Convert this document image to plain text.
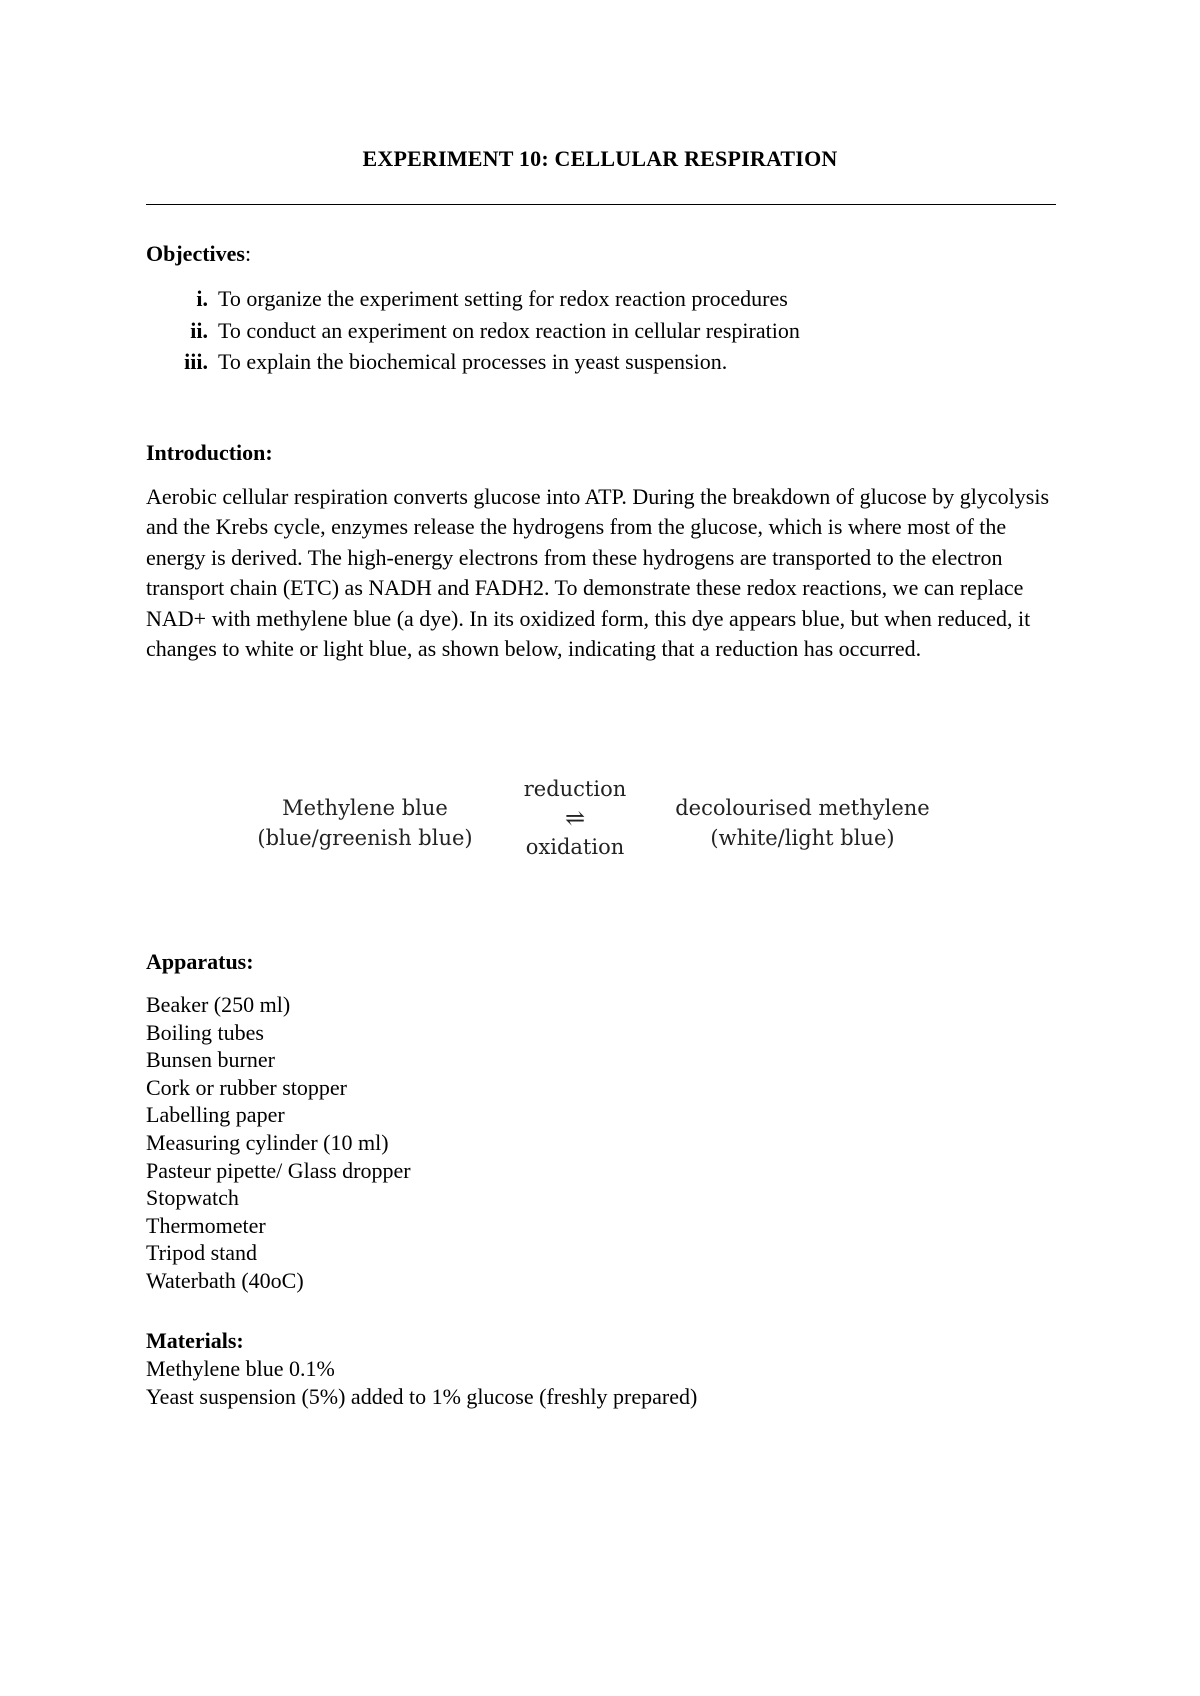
EXPERIMENT 10: CELLULAR RESPIRATION
Objectives:
i. To organize the experiment setting for redox reaction procedures
ii. To conduct an experiment on redox reaction in cellular respiration
iii. To explain the biochemical processes in yeast suspension.
Introduction:

Aerobic cellular respiration converts glucose into ATP. During the breakdown of glucose by glycolysis and the Krebs cycle, enzymes release the hydrogens from the glucose, which is where most of the energy is derived. The high-energy electrons from these hydrogens are transported to the electron transport chain (ETC) as NADH and FADH2. To demonstrate these redox reactions, we can replace NAD+ with methylene blue (a dye). In its oxidized form, this dye appears blue, but when reduced, it changes to white or light blue, as shown below, indicating that a reduction has occurred.

Methylene blue
(blue/greenish blue)
reduction
⇌
oxidation
decolourised methylene
(white/light blue)
Apparatus:
Beaker (250 ml)
Boiling tubes
Bunsen burner
Cork or rubber stopper
Labelling paper
Measuring cylinder (10 ml)
Pasteur pipette/ Glass dropper
Stopwatch
Thermometer
Tripod stand
Waterbath (40oC)
Materials:
Methylene blue 0.1%
Yeast suspension (5%) added to 1% glucose (freshly prepared)
